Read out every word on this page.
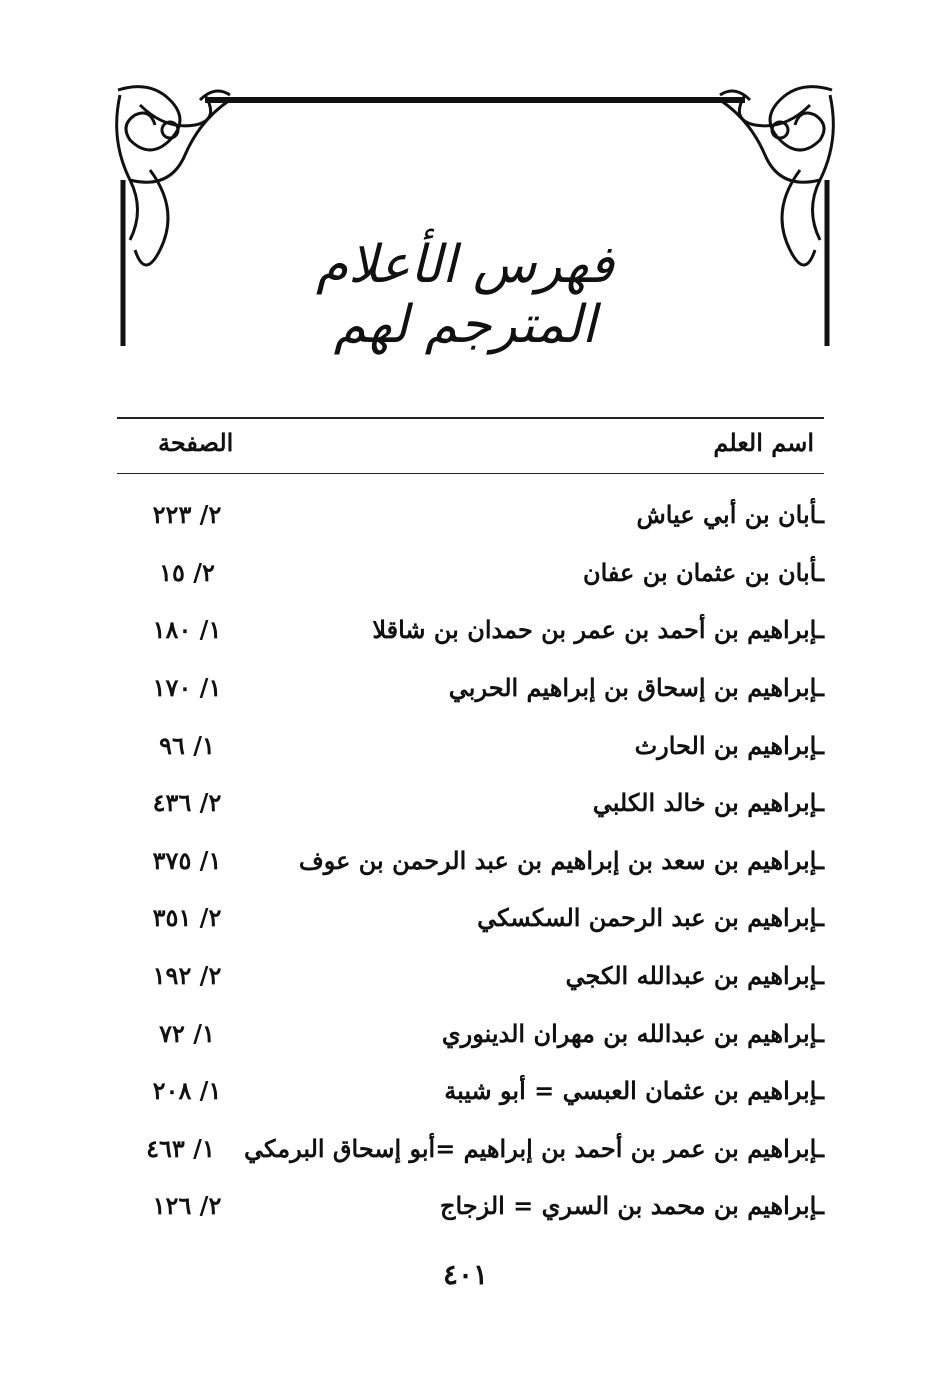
فهرس الأعلام المترجم لهم
اسم العلم
الصفحة
ـأبان بن أبي عياش
٢/ ٢٢٣
ـأبان بن عثمان بن عفان
٢/ ١٥
ـإبراهيم بن أحمد بن عمر بن حمدان بن شاقلا
١/ ١٨٠
ـإبراهيم بن إسحاق بن إبراهيم الحربي
١/ ١٧٠
ـإبراهيم بن الحارث
١/ ٩٦
ـإبراهيم بن خالد الكلبي
٢/ ٤٣٦
ـإبراهيم بن سعد بن إبراهيم بن عبد الرحمن بن عوف
١/ ٣٧٥
ـإبراهيم بن عبد الرحمن السكسكي
٢/ ٣٥١
ـإبراهيم بن عبدالله الكجي
٢/ ١٩٢
ـإبراهيم بن عبدالله بن مهران الدينوري
١/ ٧٢
ـإبراهيم بن عثمان العبسي = أبو شيبة
١/ ٢٠٨
ـإبراهيم بن عمر بن أحمد بن إبراهيم =أبو إسحاق البرمكي
١/ ٤٦٣
ـإبراهيم بن محمد بن السري = الزجاج
٢/ ١٢٦
٤٠١
